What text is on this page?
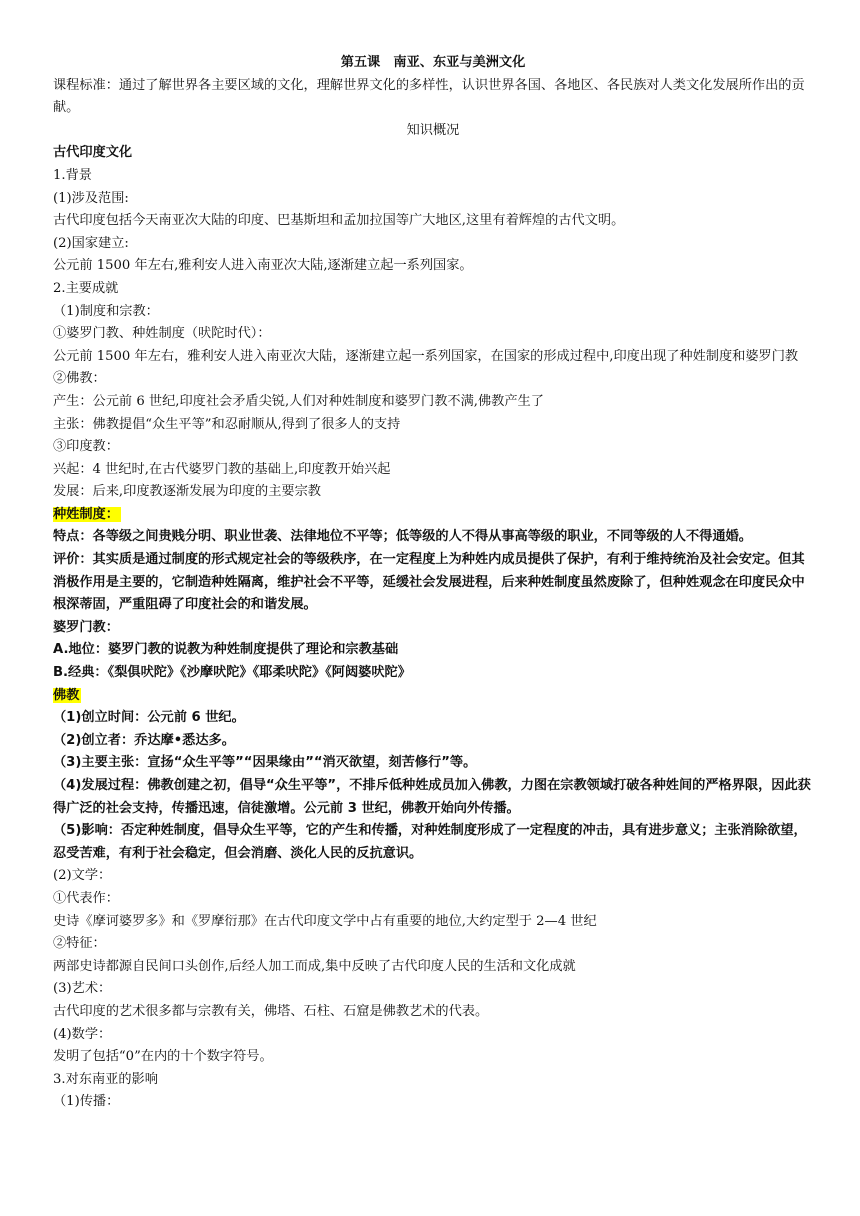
第五课　南亚、东亚与美洲文化
课程标准：通过了解世界各主要区域的文化，理解世界文化的多样性，认识世界各国、各地区、各民族对人类文化发展所作出的贡献。
知识概况
古代印度文化
1.背景
(1)涉及范围:
古代印度包括今天南亚次大陆的印度、巴基斯坦和孟加拉国等广大地区,这里有着辉煌的古代文明。
(2)国家建立:
公元前 1500 年左右,雅利安人进入南亚次大陆,逐渐建立起一系列国家。
2.主要成就
（1)制度和宗教：
①婆罗门教、种姓制度（吠陀时代）：
公元前 1500 年左右，雅利安人进入南亚次大陆，逐渐建立起一系列国家，在国家的形成过程中,印度出现了种姓制度和婆罗门教
②佛教：
产生：公元前 6 世纪,印度社会矛盾尖锐,人们对种姓制度和婆罗门教不满,佛教产生了
主张：佛教提倡“众生平等”和忍耐顺从,得到了很多人的支持
③印度教：
兴起：4 世纪时,在古代婆罗门教的基础上,印度教开始兴起
发展：后来,印度教逐渐发展为印度的主要宗教
种姓制度：
特点：各等级之间贵贱分明、职业世袭、法律地位不平等；低等级的人不得从事高等级的职业，不同等级的人不得通婚。
评价：其实质是通过制度的形式规定社会的等级秩序，在一定程度上为种姓内成员提供了保护，有利于维持统治及社会安定。但其消极作用是主要的，它制造种姓隔离，维护社会不平等，延缓社会发展进程，后来种姓制度虽然废除了，但种姓观念在印度民众中根深蒂固，严重阻碍了印度社会的和谐发展。
婆罗门教：
A.地位：婆罗门教的说教为种姓制度提供了理论和宗教基础
B.经典：《梨俱吠陀》《沙摩吠陀》《耶柔吠陀》《阿闼婆吠陀》
佛教
（1)创立时间：公元前 6 世纪。
（2)创立者：乔达摩•悉达多。
（3)主要主张：宣扬“众生平等”“因果缘由”“消灭欲望，刻苦修行”等。
（4)发展过程：佛教创建之初，倡导“众生平等”，不排斥低种姓成员加入佛教，力图在宗教领域打破各种姓间的严格界限，因此获得广泛的社会支持，传播迅速，信徒激增。公元前 3 世纪，佛教开始向外传播。
（5)影响：否定种姓制度，倡导众生平等，它的产生和传播，对种姓制度形成了一定程度的冲击，具有进步意义；主张消除欲望，忍受苦难，有利于社会稳定，但会消磨、淡化人民的反抗意识。
(2)文学：
①代表作：
史诗《摩诃婆罗多》和《罗摩衍那》在古代印度文学中占有重要的地位,大约定型于 2—4 世纪
②特征：
两部史诗都源自民间口头创作,后经人加工而成,集中反映了古代印度人民的生活和文化成就
(3)艺术：
古代印度的艺术很多都与宗教有关，佛塔、石柱、石窟是佛教艺术的代表。
(4)数学：
发明了包括“0”在内的十个数字符号。
3.对东南亚的影响
（1)传播：
